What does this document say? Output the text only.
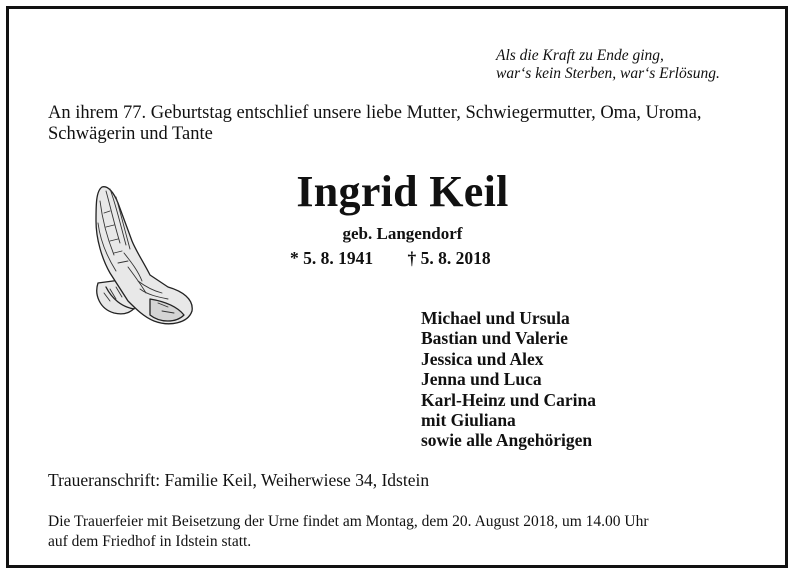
Als die Kraft zu Ende ging,
war‘s kein Sterben, war‘s Erlösung.
An ihrem 77. Geburtstag entschlief unsere liebe Mutter, Schwiegermutter, Oma, Uroma,
Schwägerin und Tante
Ingrid Keil
geb. Langendorf
* 5. 8. 1941 † 5. 8. 2018
Michael und Ursula
Bastian und Valerie
Jessica und Alex
Jenna und Luca
Karl-Heinz und Carina
mit Giuliana
sowie alle Angehörigen
Traueranschrift: Familie Keil, Weiherwiese 34, Idstein
Die Trauerfeier mit Beisetzung der Urne findet am Montag, dem 20. August 2018, um 14.00 Uhr
auf dem Friedhof in Idstein statt.
